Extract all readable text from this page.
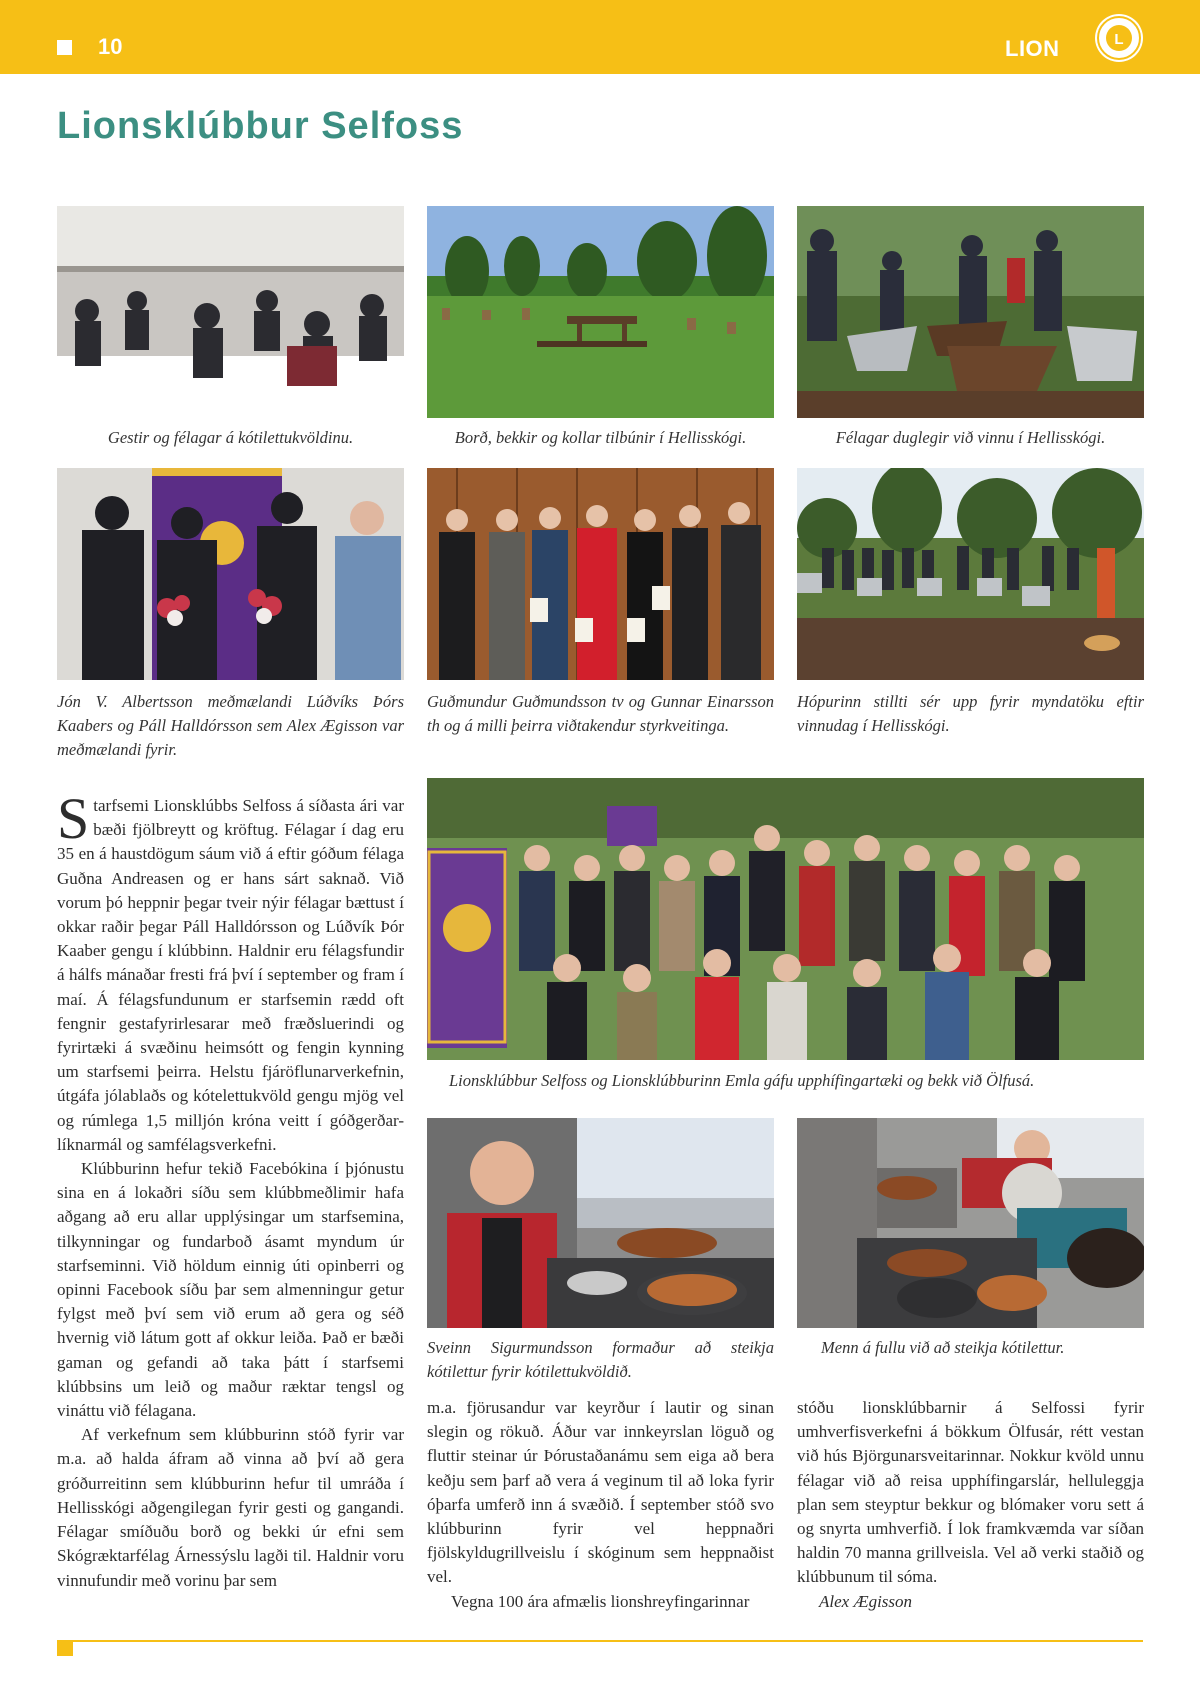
10	LION	L
Lionsklúbbur Selfoss
Gestir og félagar á kótilettukvöldinu.	Borð, bekkir og kollar tilbúnir í Hellisskógi.	Félagar duglegir við vinnu í Hellisskógi.
Jón V. Albertsson meðmælandi Lúðvíks Þórs Kaabers og Páll Halldórsson sem Alex Ægisson var meðmælandi fyrir.
Guðmundur Guðmundsson tv og Gunnar Einarsson th og á milli þeirra viðtakendur styrkveitinga.
Hópurinn stillti sér upp fyrir myndatöku eftir vinnudag í Hellisskógi.
Lionsklúbbur Selfoss og Lionsklúbburinn Emla gáfu upphífingartæki og bekk við Ölfusá.
Sveinn Sigurmundsson formaður að steikja kótilettur fyrir kótilettukvöldið.
Menn á fullu við að steikja kótilettur.

Starfsemi Lionsklúbbs Selfoss á síðasta ári var bæði fjölbreytt og kröftug. Félagar í dag eru 35 en á haustdögum sáum við á eftir góðum félaga Guðna Andreasen og er hans sárt saknað. Við vorum þó heppnir þegar tveir nýir félagar bættust í okkar raðir þegar Páll Halldórsson og Lúðvík Þór Kaaber gengu í klúbbinn. Haldnir eru félagsfundir á hálfs mánaðar fresti frá því í september og fram í maí. Á félagsfundunum er starfsemin rædd oft fengnir gestafyrirlesarar með fræðsluerindi og fyrirtæki á svæðinu heimsótt og fengin kynning um starfsemi þeirra. Helstu fjáröflunarverkefnin, útgáfa jólablaðs og kótelettukvöld gengu mjög vel og rúmlega 1,5 milljón króna veitt í góðgerðar- líknarmál og samfélagsverkefni.

Klúbburinn hefur tekið Facebókina í þjónustu sina en á lokaðri síðu sem klúbbmeðlimir hafa aðgang að eru allar upplýsingar um starfsemina, tilkynningar og fundarboð ásamt myndum úr starfseminni. Við höldum einnig úti opinberri og opinni Facebook síðu þar sem almenningur getur fylgst með því sem við erum að gera og séð hvernig við látum gott af okkur leiða. Það er bæði gaman og gefandi að taka þátt í starfsemi klúbbsins um leið og maður ræktar tengsl og vináttu við félagana.

Af verkefnum sem klúbburinn stóð fyrir var m.a. að halda áfram að vinna að því að gera gróðurreitinn sem klúbburinn hefur til umráða í Hellisskógi aðgengilegan fyrir gesti og gangandi. Félagar smíðuðu borð og bekki úr efni sem Skógræktarfélag Árnessýslu lagði til. Haldnir voru vinnufundir með vorinu þar sem

m.a. fjörusandur var keyrður í lautir og sinan slegin og rökuð. Áður var innkeyrslan löguð og fluttir steinar úr Þórustaðanámu sem eiga að bera keðju sem þarf að vera á veginum til að loka fyrir óþarfa umferð inn á svæðið. Í september stóð svo klúbburinn fyrir vel heppnaðri fjölskyldugrillveislu í skóginum sem heppnaðist vel.

Vegna 100 ára afmælis lionshreyfingarinnar

stóðu lionsklúbbarnir á Selfossi fyrir umhverfisverkefni á bökkum Ölfusár, rétt vestan við hús Björgunarsveitarinnar. Nokkur kvöld unnu félagar við að reisa upphífingarslár, helluleggja plan sem steyptur bekkur og blómaker voru sett á og snyrta umhverfið. Í lok framkvæmda var síðan haldin 70 manna grillveisla. Vel að verki staðið og klúbbunum til sóma.

Alex Ægisson
